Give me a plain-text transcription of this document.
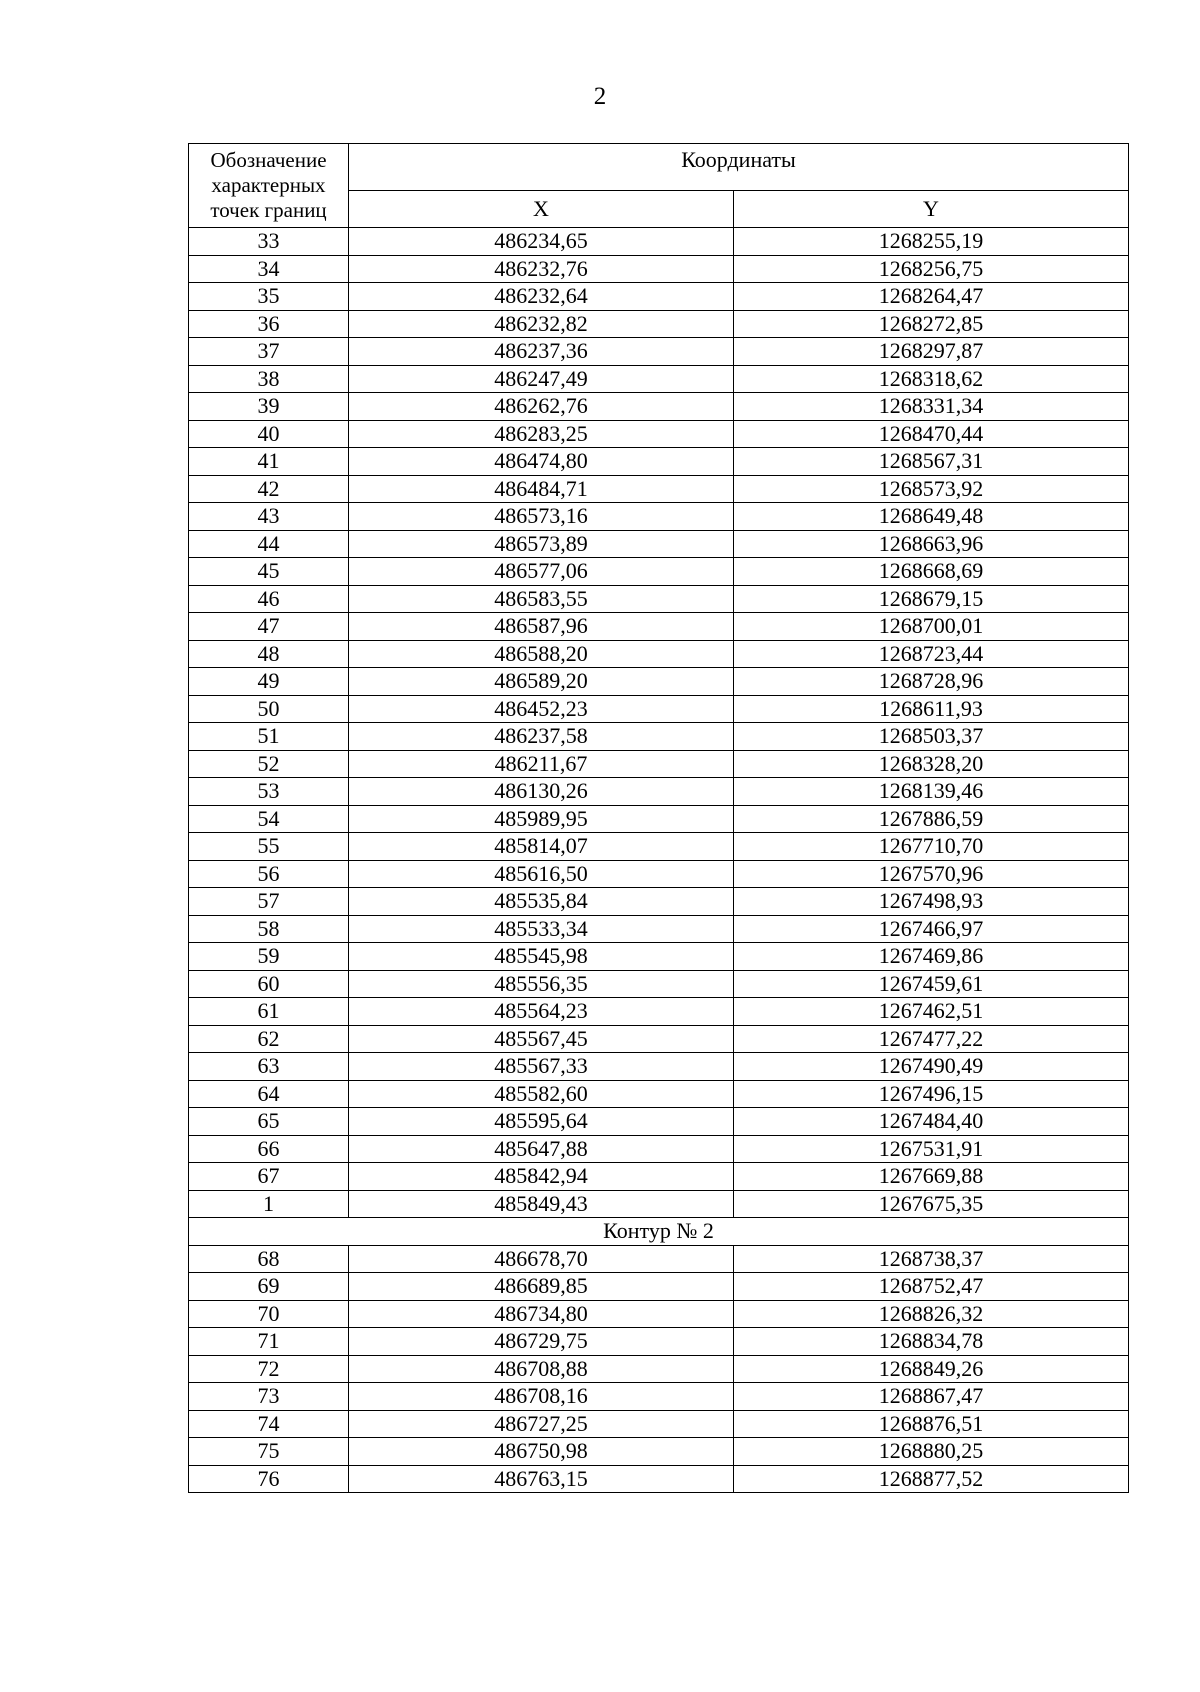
2
Обозначение характерных точек границ	Координаты	
	X	Y
33	486234,65	1268255,19
34	486232,76	1268256,75
35	486232,64	1268264,47
36	486232,82	1268272,85
37	486237,36	1268297,87
38	486247,49	1268318,62
39	486262,76	1268331,34
40	486283,25	1268470,44
41	486474,80	1268567,31
42	486484,71	1268573,92
43	486573,16	1268649,48
44	486573,89	1268663,96
45	486577,06	1268668,69
46	486583,55	1268679,15
47	486587,96	1268700,01
48	486588,20	1268723,44
49	486589,20	1268728,96
50	486452,23	1268611,93
51	486237,58	1268503,37
52	486211,67	1268328,20
53	486130,26	1268139,46
54	485989,95	1267886,59
55	485814,07	1267710,70
56	485616,50	1267570,96
57	485535,84	1267498,93
58	485533,34	1267466,97
59	485545,98	1267469,86
60	485556,35	1267459,61
61	485564,23	1267462,51
62	485567,45	1267477,22
63	485567,33	1267490,49
64	485582,60	1267496,15
65	485595,64	1267484,40
66	485647,88	1267531,91
67	485842,94	1267669,88
1	485849,43	1267675,35
Контур № 2		
68	486678,70	1268738,37
69	486689,85	1268752,47
70	486734,80	1268826,32
71	486729,75	1268834,78
72	486708,88	1268849,26
73	486708,16	1268867,47
74	486727,25	1268876,51
75	486750,98	1268880,25
76	486763,15	1268877,52
